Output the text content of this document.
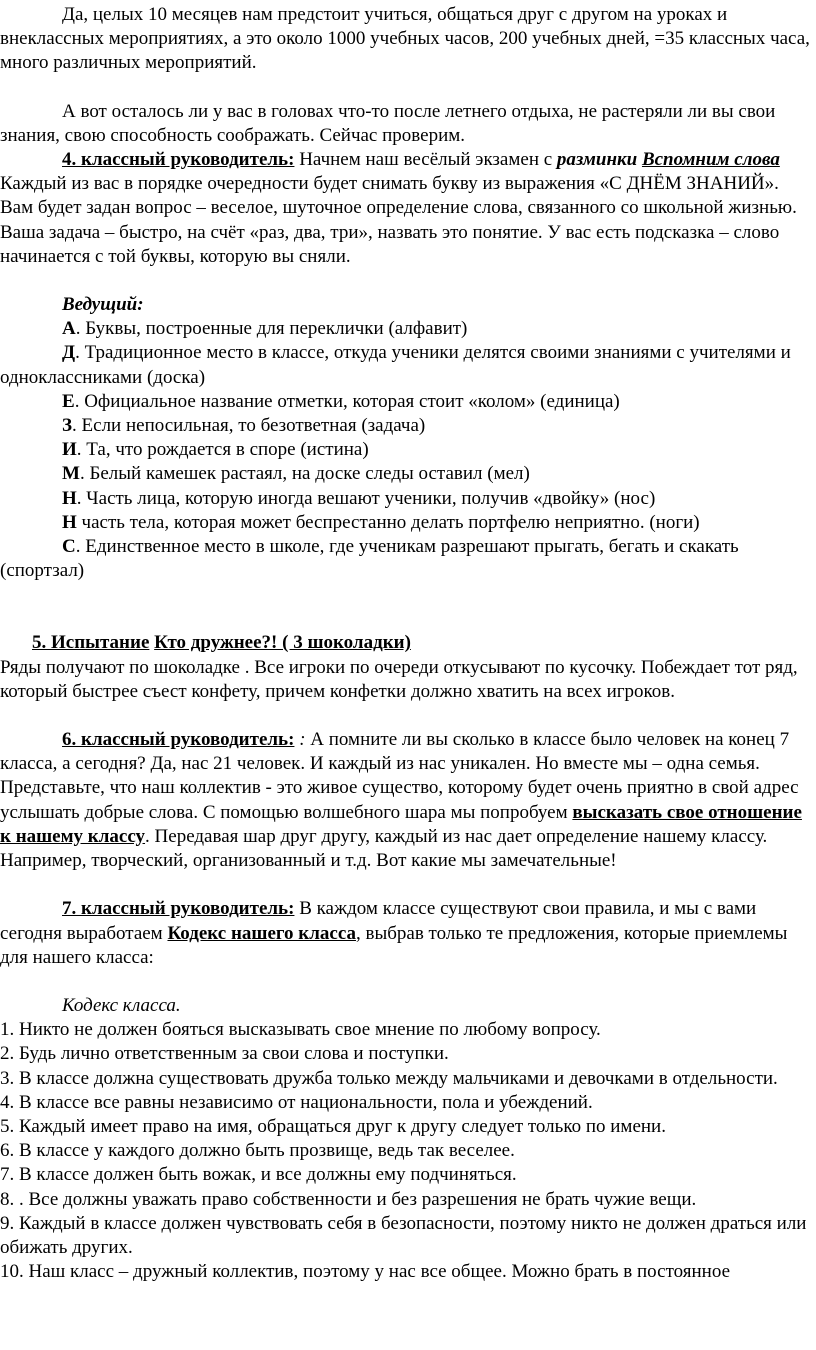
Да, целых 10 месяцев нам предстоит учиться, общаться друг с другом на уроках и внеклассных мероприятиях, а это около 1000 учебных часов, 200 учебных дней, =35 классных часа, много различных мероприятий.

А вот осталось ли у вас в головах что-то после летнего отдыха, не растеряли ли вы свои знания, свою способность соображать. Сейчас проверим.

4. классный руководитель: Начнем наш весёлый экзамен с разминки Вспомним слова Каждый из вас в порядке очередности будет снимать букву из выражения «С ДНЁМ ЗНАНИЙ». Вам будет задан вопрос – веселое, шуточное определение слова, связанного со школьной жизнью. Ваша задача – быстро, на счёт «раз, два, три», назвать это понятие. У вас есть подсказка – слово начинается с той буквы, которую вы сняли.

Ведущий:

А. Буквы, построенные для переклички (алфавит)

Д. Традиционное место в классе, откуда ученики делятся своими знаниями с учителями и одноклассниками (доска)

Е. Официальное название отметки, которая стоит «колом» (единица)

З. Если непосильная, то безответная (задача)

И. Та, что рождается в споре (истина)

М. Белый камешек растаял, на доске следы оставил (мел)

Н. Часть лица, которую иногда вешают ученики, получив «двойку» (нос)

Н часть тела, которая может беспрестанно делать портфелю неприятно. (ноги)

С. Единственное место в школе, где ученикам разрешают прыгать, бегать и скакать (спортзал)

5. Испытание Кто дружнее?! ( 3 шоколадки)

Ряды получают по шоколадке . Все игроки по очереди откусывают по кусочку. Побеждает тот ряд, который быстрее съест конфету, причем конфетки должно хватить на всех игроков.

6. классный руководитель: : А помните ли вы сколько в классе было человек на конец 7 класса, а сегодня? Да, нас 21 человек. И каждый из нас уникален. Но вместе мы – одна семья. Представьте, что наш коллектив - это живое существо, которому будет очень приятно в свой адрес услышать добрые слова. С помощью волшебного шара мы попробуем высказать свое отношение к нашему классу. Передавая шар друг другу, каждый из нас дает определение нашему классу. Например, творческий, организованный и т.д. Вот какие мы замечательные!

7. классный руководитель: В каждом классе существуют свои правила, и мы с вами сегодня выработаем Кодекс нашего класса, выбрав только те предложения, которые приемлемы для нашего класса:

Кодекс класса.

1. Никто не должен бояться высказывать свое мнение по любому вопросу.

2. Будь лично ответственным за свои слова и поступки.

3. В классе должна существовать дружба только между мальчиками и девочками в отдельности.

4. В классе все равны независимо от национальности, пола и убеждений.

5. Каждый имеет право на имя, обращаться друг к другу следует только по имени.

6. В классе у каждого должно быть прозвище, ведь так веселее.

7. В классе должен быть вожак, и все должны ему подчиняться.

8. . Все должны уважать право собственности и без разрешения не брать чужие вещи.

9. Каждый в классе должен чувствовать себя в безопасности, поэтому никто не должен драться или обижать других.

10. Наш класс – дружный коллектив, поэтому у нас все общее. Можно брать в постоянное
